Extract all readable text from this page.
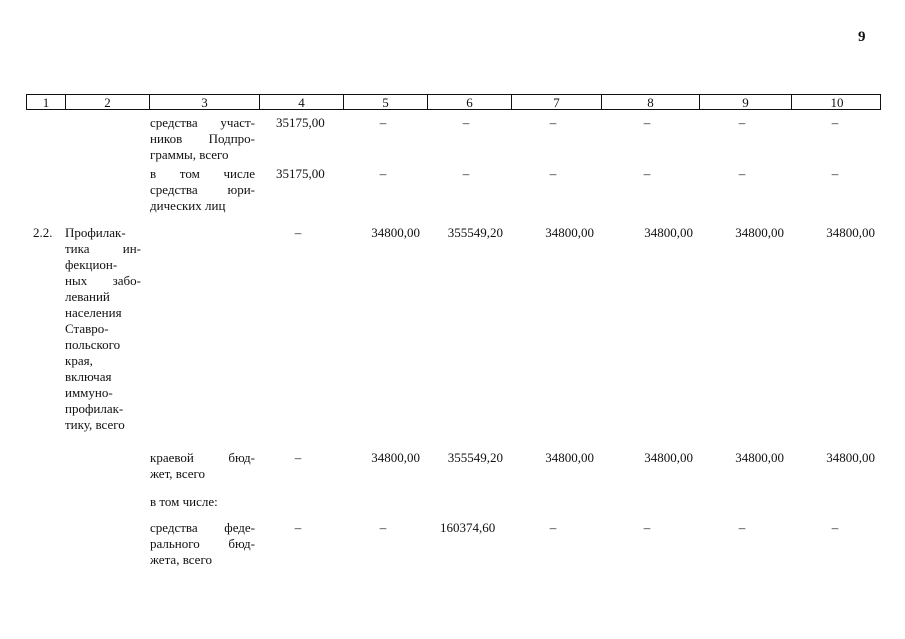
9
1	2	3	4	5	6	7	8	9	10
средства участ-
ников Подпро-
граммы, всего
35175,00	–	–	–	–	–	–
в том числе
средства юри-
дических лиц
35175,00	–	–	–	–	–	–
2.2. Профилак-
тика ин-
фекцион-
ных забо-
леваний
населения
Ставро-
польского
края,
включая
иммуно-
профилак-
тику, всего
–	34800,00	355549,20	34800,00	34800,00	34800,00	34800,00
краевой бюд-
жет, всего
–	34800,00	355549,20	34800,00	34800,00	34800,00	34800,00
в том числе:
средства феде-
рального бюд-
жета, всего
–	–	160374,60	–	–	–	–
